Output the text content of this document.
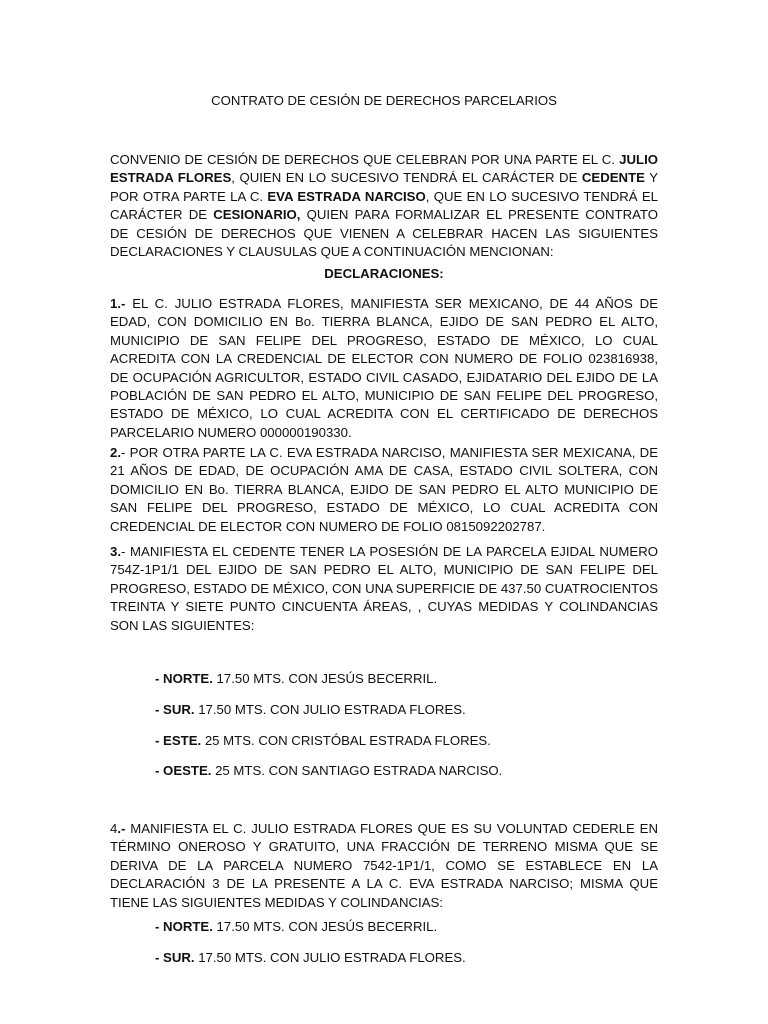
CONTRATO DE CESIÓN DE DERECHOS PARCELARIOS

CONVENIO DE CESIÓN DE DERECHOS QUE CELEBRAN POR UNA PARTE EL C. JULIO ESTRADA FLORES, QUIEN EN LO SUCESIVO TENDRÁ EL CARÁCTER DE CEDENTE Y POR OTRA PARTE LA C. EVA ESTRADA NARCISO, QUE EN LO SUCESIVO TENDRÁ EL CARÁCTER DE CESIONARIO, QUIEN PARA FORMALIZAR EL PRESENTE CONTRATO DE CESIÓN DE DERECHOS QUE VIENEN A CELEBRAR HACEN LAS SIGUIENTES DECLARACIONES Y CLAUSULAS QUE A CONTINUACIÓN MENCIONAN:

DECLARACIONES:

1.- EL C. JULIO ESTRADA FLORES, MANIFIESTA SER MEXICANO, DE 44 AÑOS DE EDAD, CON DOMICILIO EN Bo. TIERRA BLANCA, EJIDO DE SAN PEDRO EL ALTO, MUNICIPIO DE SAN FELIPE DEL PROGRESO, ESTADO DE MÉXICO, LO CUAL ACREDITA CON LA CREDENCIAL DE ELECTOR CON NUMERO DE FOLIO 023816938, DE OCUPACIÓN AGRICULTOR, ESTADO CIVIL CASADO, EJIDATARIO DEL EJIDO DE LA POBLACIÓN DE SAN PEDRO EL ALTO, MUNICIPIO DE SAN FELIPE DEL PROGRESO, ESTADO DE MÉXICO, LO CUAL ACREDITA CON EL CERTIFICADO DE DERECHOS PARCELARIO NUMERO 000000190330.

2.- POR OTRA PARTE LA C. EVA ESTRADA NARCISO, MANIFIESTA SER MEXICANA, DE 21 AÑOS DE EDAD, DE OCUPACIÓN AMA DE CASA, ESTADO CIVIL SOLTERA, CON DOMICILIO EN Bo. TIERRA BLANCA, EJIDO DE SAN PEDRO EL ALTO MUNICIPIO DE SAN FELIPE DEL PROGRESO, ESTADO DE MÉXICO, LO CUAL ACREDITA CON CREDENCIAL DE ELECTOR CON NUMERO DE FOLIO 0815092202787.

3.- MANIFIESTA EL CEDENTE TENER LA POSESIÓN DE LA PARCELA EJIDAL NUMERO 754Z-1P1/1 DEL EJIDO DE SAN PEDRO EL ALTO, MUNICIPIO DE SAN FELIPE DEL PROGRESO, ESTADO DE MÉXICO, CON UNA SUPERFICIE DE 437.50 CUATROCIENTOS TREINTA Y SIETE PUNTO CINCUENTA ÁREAS, , CUYAS MEDIDAS Y COLINDANCIAS SON LAS SIGUIENTES:

- NORTE. 17.50 MTS. CON JESÚS BECERRIL.

- SUR. 17.50 MTS. CON JULIO ESTRADA FLORES.

- ESTE. 25 MTS. CON CRISTÓBAL ESTRADA FLORES.

- OESTE. 25 MTS. CON SANTIAGO ESTRADA NARCISO.

4.- MANIFIESTA EL C. JULIO ESTRADA FLORES QUE ES SU VOLUNTAD CEDERLE EN TÉRMINO ONEROSO Y GRATUITO, UNA FRACCIÓN DE TERRENO MISMA QUE SE DERIVA DE LA PARCELA NUMERO 7542-1P1/1, COMO SE ESTABLECE EN LA DECLARACIÓN 3 DE LA PRESENTE A LA C. EVA ESTRADA NARCISO; MISMA QUE TIENE LAS SIGUIENTES MEDIDAS Y COLINDANCIAS:

- NORTE. 17.50 MTS. CON JESÚS BECERRIL.

- SUR. 17.50 MTS. CON JULIO ESTRADA FLORES.
